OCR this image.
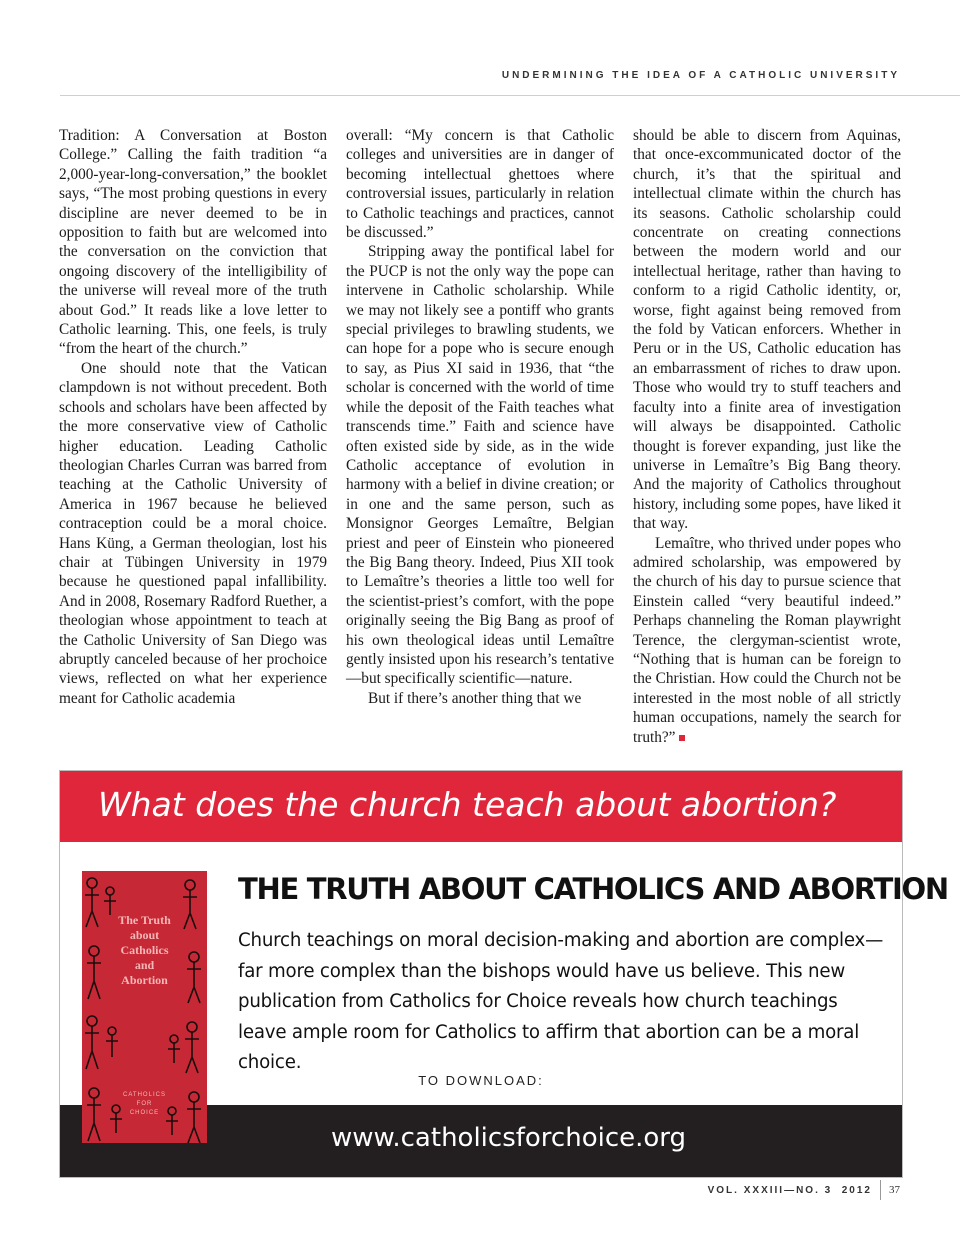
UNDERMINING THE IDEA OF A CATHOLIC UNIVERSITY

Tradition: A Conversation at Boston College.” Calling the faith tradition “a 2,000-year-long-conversation,” the booklet says, “The most probing questions in every discipline are never deemed to be in opposition to faith but are welcomed into the conversation on the conviction that ongoing discovery of the intelligibility of the universe will reveal more of the truth about God.” It reads like a love letter to Catholic learning. This, one feels, is truly “from the heart of the church.”

One should note that the Vatican clampdown is not without precedent. Both schools and scholars have been affected by the more conservative view of Catholic higher education. Leading Catholic theologian Charles Curran was barred from teaching at the Catholic University of America in 1967 because he believed contraception could be a moral choice. Hans Küng, a German theologian, lost his chair at Tübingen University in 1979 because he questioned papal infallibility. And in 2008, Rosemary Radford Ruether, a theologian whose appointment to teach at the Catholic University of San Diego was abruptly canceled because of her prochoice views, reflected on what her experience meant for Catholic academia

overall: “My concern is that Catholic colleges and universities are in danger of becoming intellectual ghettoes where controversial issues, particularly in relation to Catholic teachings and practices, cannot be discussed.”

Stripping away the pontifical label for the PUCP is not the only way the pope can intervene in Catholic scholarship. While we may not likely see a pontiff who grants special privileges to brawling students, we can hope for a pope who is secure enough to say, as Pius XI said in 1936, that “the scholar is concerned with the world of time while the deposit of the Faith teaches what transcends time.” Faith and science have often existed side by side, as in the wide Catholic acceptance of evolution in harmony with a belief in divine creation; or in one and the same person, such as Monsignor Georges Lemaître, Belgian priest and peer of Einstein who pioneered the Big Bang theory. Indeed, Pius XII took to Lemaître’s theories a little too well for the scientist-priest’s comfort, with the pope originally seeing the Big Bang as proof of his own theological ideas until Lemaître gently insisted upon his research’s tentative—but specifically scientific—nature.

But if there’s another thing that we

should be able to discern from Aquinas, that once-excommunicated doctor of the church, it’s that the spiritual and intellectual climate within the church has its seasons. Catholic scholarship could concentrate on creating connections between the modern world and our intellectual heritage, rather than having to conform to a rigid Catholic identity, or, worse, fight against being removed from the fold by Vatican enforcers. Whether in Peru or in the US, Catholic education has an embarrassment of riches to draw upon. Those who would try to stuff teachers and faculty into a finite area of investigation will always be disappointed. Catholic thought is forever expanding, just like the universe in Lemaître’s Big Bang theory. And the majority of Catholics throughout history, including some popes, have liked it that way.

Lemaître, who thrived under popes who admired scholarship, was empowered by the church of his day to pursue science that Einstein called “very beautiful indeed.” Perhaps channeling the Roman playwright Terence, the clergyman-scientist wrote, “Nothing that is human can be foreign to the Christian. How could the Church not be interested in the most noble of all strictly human occupations, namely the search for truth?”

What does the church teach about abortion?
The Truth
about
Catholics
and
Abortion
CATHOLICS
FOR
CHOICE
THE TRUTH ABOUT CATHOLICS AND ABORTION
Church teachings on moral decision-making and abortion are complex—far more complex than the bishops would have us believe. This new publication from Catholics for Choice reveals how church teachings leave ample room for Catholics to affirm that abortion can be a moral choice.
TO DOWNLOAD:
www.catholicsforchoice.org
VOL. XXXIII—NO. 3  2012 37
